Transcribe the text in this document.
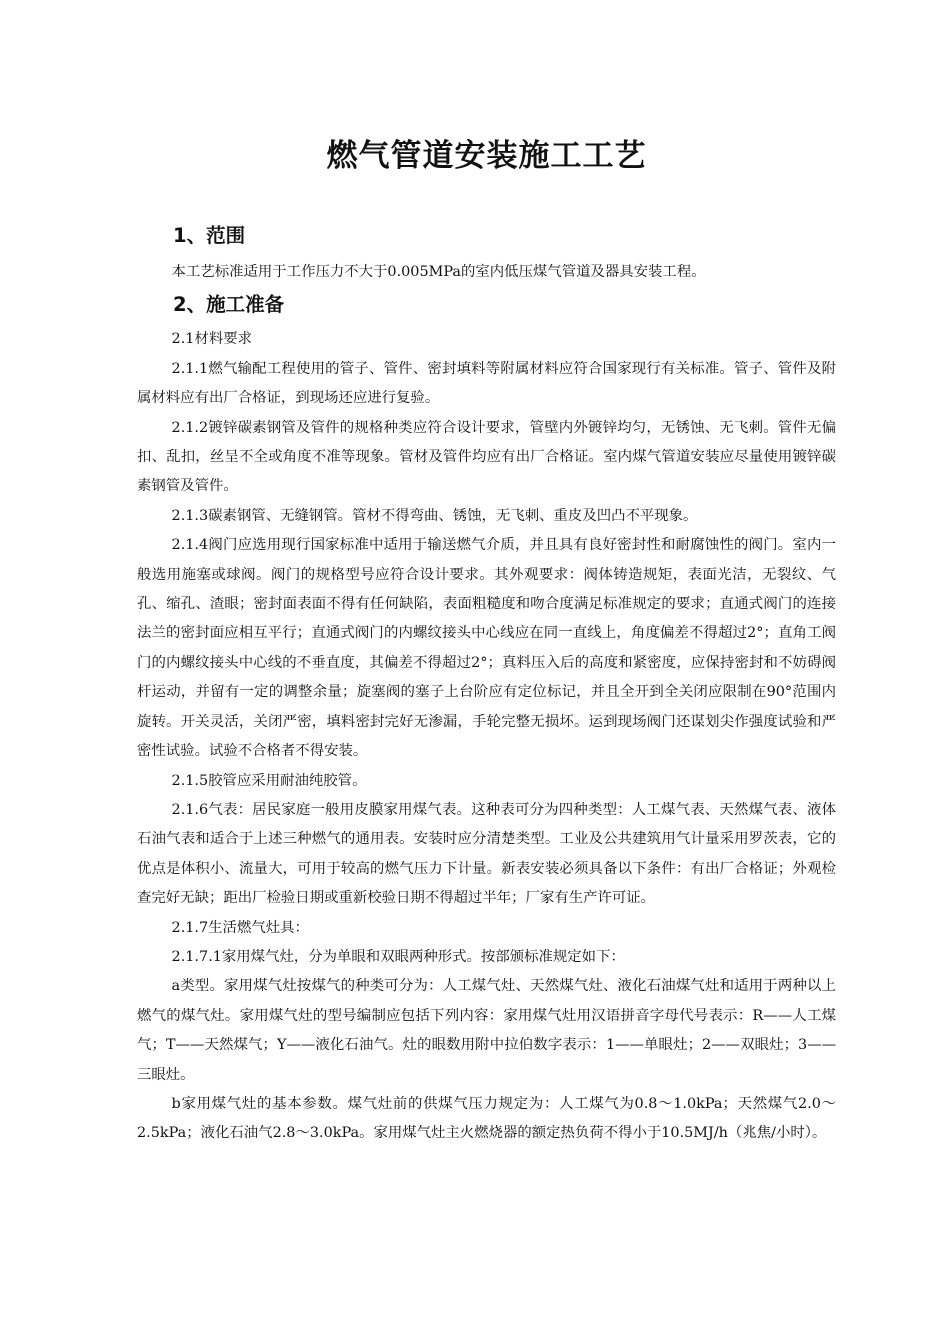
燃气管道安装施工工艺
1、范围

本工艺标准适用于工作压力不大于0.005MPa的室内低压煤气管道及器具安装工程。

2、施工准备

2.1材料要求

2.1.1燃气输配工程使用的管子、管件、密封填料等附属材料应符合国家现行有关标准。管子、管件及附属材料应有出厂合格证，到现场还应进行复验。

2.1.2镀锌碳素钢管及管件的规格种类应符合设计要求，管壁内外镀锌均匀，无锈蚀、无飞刺。管件无偏扣、乱扣，丝呈不全或角度不准等现象。管材及管件均应有出厂合格证。室内煤气管道安装应尽量使用镀锌碳素钢管及管件。

2.1.3碳素钢管、无缝钢管。管材不得弯曲、锈蚀，无飞刺、重皮及凹凸不平现象。

2.1.4阀门应选用现行国家标准中适用于输送燃气介质，并且具有良好密封性和耐腐蚀性的阀门。室内一般选用施塞或球阀。阀门的规格型号应符合设计要求。其外观要求：阀体铸造规矩，表面光洁，无裂纹、气孔、缩孔、渣眼；密封面表面不得有任何缺陷，表面粗糙度和吻合度满足标准规定的要求；直通式阀门的连接法兰的密封面应相互平行；直通式阀门的内螺纹接头中心线应在同一直线上，角度偏差不得超过2°；直角工阀门的内螺纹接头中心线的不垂直度，其偏差不得超过2°；真料压入后的高度和紧密度，应保持密封和不妨碍阀杆运动，并留有一定的调整余量；旋塞阀的塞子上台阶应有定位标记，并且全开到全关闭应限制在90°范围内旋转。开关灵活，关闭严密，填料密封完好无渗漏，手轮完整无损坏。运到现场阀门还谋划尖作强度试验和严密性试验。试验不合格者不得安装。

2.1.5胶管应采用耐油纯胶管。

2.1.6气表：居民家庭一般用皮膜家用煤气表。这种表可分为四种类型：人工煤气表、天然煤气表、液体石油气表和适合于上述三种燃气的通用表。安装时应分清楚类型。工业及公共建筑用气计量采用罗茨表，它的优点是体积小、流量大，可用于较高的燃气压力下计量。新表安装必须具备以下条件：有出厂合格证；外观检查完好无缺；距出厂检验日期或重新校验日期不得超过半年；厂家有生产许可证。

2.1.7生活燃气灶具：

2.1.7.1家用煤气灶，分为单眼和双眼两种形式。按部颁标准规定如下：

a类型。家用煤气灶按煤气的种类可分为：人工煤气灶、天然煤气灶、液化石油煤气灶和适用于两种以上燃气的煤气灶。家用煤气灶的型号编制应包括下列内容：家用煤气灶用汉语拼音字母代号表示：R——人工煤气；T——天然煤气；Y——液化石油气。灶的眼数用附中拉伯数字表示：1——单眼灶；2——双眼灶；3——三眼灶。

b家用煤气灶的基本参数。煤气灶前的供煤气压力规定为：人工煤气为0.8～1.0kPa；天然煤气2.0～2.5kPa；液化石油气2.8～3.0kPa。家用煤气灶主火燃烧器的额定热负荷不得小于10.5MJ/h（兆焦/小时）。
